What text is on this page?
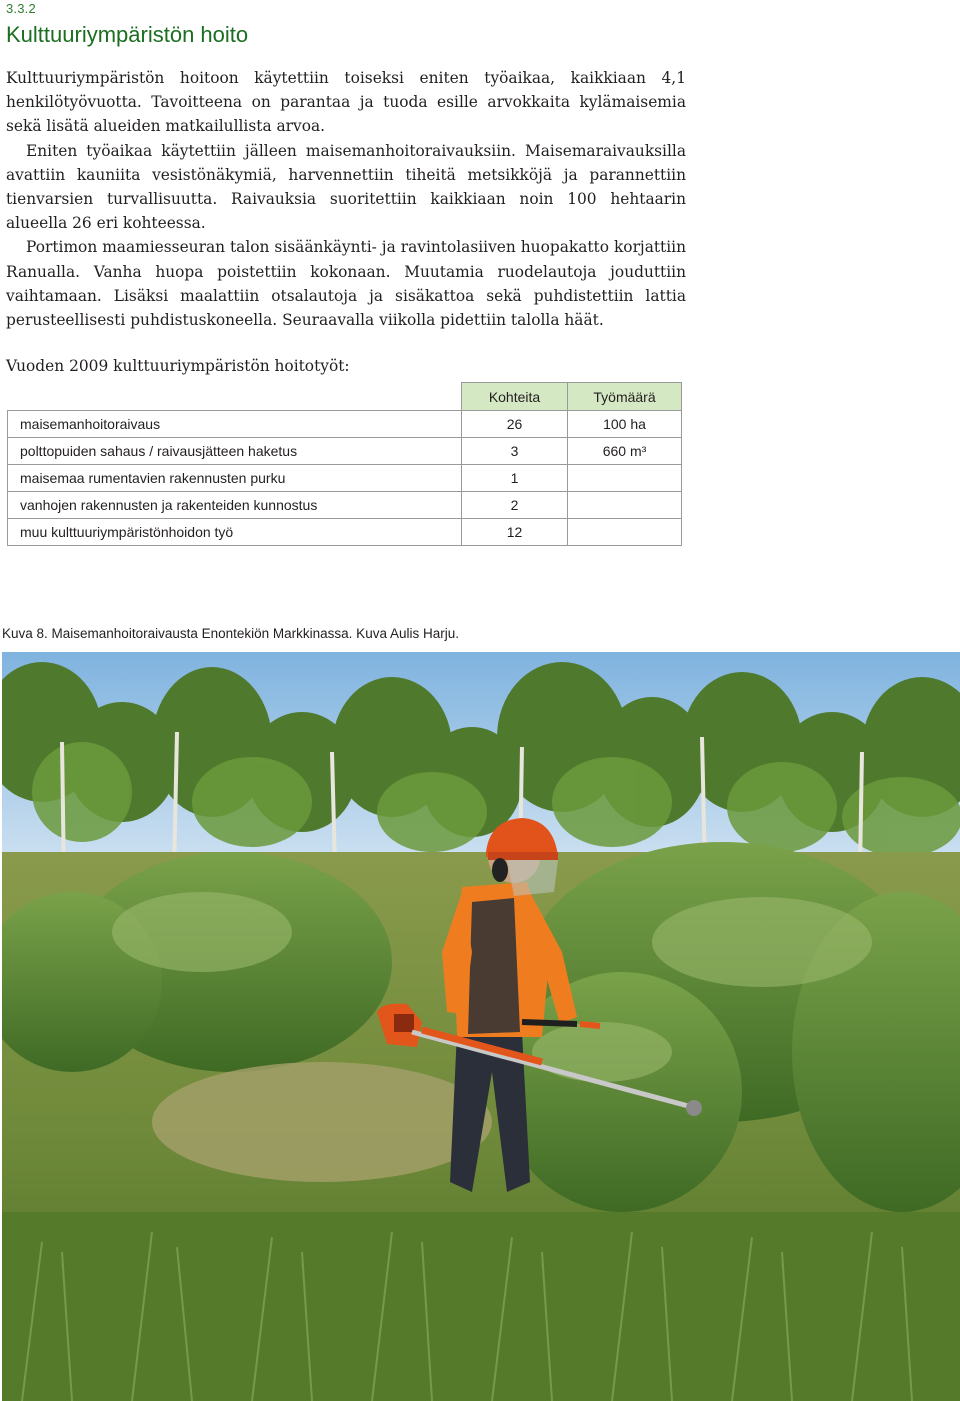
3.3.2
Kulttuuriympäristön hoito

Kulttuuriympäristön hoitoon käytettiin toiseksi eniten työaikaa, kaikkiaan 4,1 henkilötyövuotta. Tavoitteena on parantaa ja tuoda esille arvokkaita kylämaisemia sekä lisätä alueiden matkailullista arvoa.

Eniten työaikaa käytettiin jälleen maisemanhoitoraivauksiin. Maisemaraivauksilla avattiin kauniita vesistönäkymiä, harvennettiin tiheitä metsikköjä ja parannettiin tienvarsien turvallisuutta. Raivauksia suoritettiin kaikkiaan noin 100 hehtaarin alueella 26 eri kohteessa.

Portimon maamiesseuran talon sisäänkäynti- ja ravintolasiiven huopakatto korjattiin Ranualla. Vanha huopa poistettiin kokonaan. Muutamia ruodelautoja jouduttiin vaihtamaan. Lisäksi maalattiin otsalautoja ja sisäkattoa sekä puhdistettiin lattia perusteellisesti puhdistuskoneella. Seuraavalla viikolla pidettiin talolla häät.

Vuoden 2009 kulttuuriympäristön hoitotyöt:
	Kohteita	Työmäärä
maisemanhoitoraivaus	26	100 ha
polttopuiden sahaus / raivausjätteen haketus	3	660 m³
maisemaa rumentavien rakennusten purku	1	
vanhojen rakennusten ja rakenteiden kunnostus	2	
muu kulttuuriympäristönhoidon työ	12	
Kuva 8. Maisemanhoitoraivausta Enontekiön Markkinassa. Kuva Aulis Harju.
